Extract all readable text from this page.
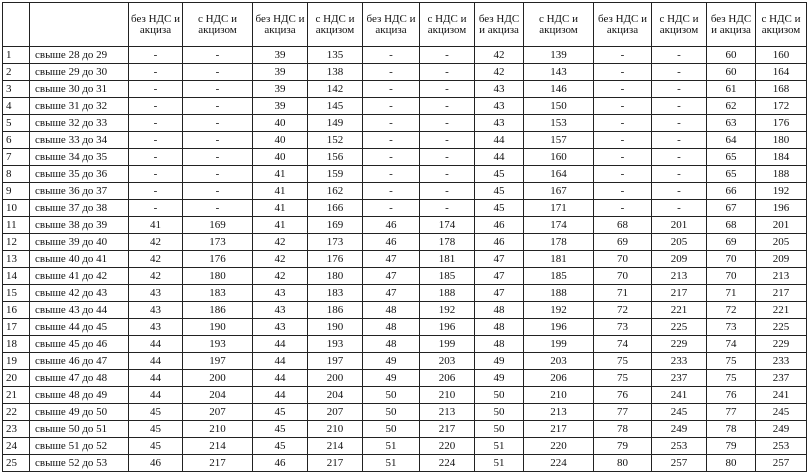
		без НДС и акциза	с НДС и акцизом	без НДС и акциза	с НДС и акцизом	без НДС и акциза	с НДС и акцизом	без НДС и акциза	с НДС и акцизом	без НДС и акциза	с НДС и акцизом	без НДС и акциза	с НДС и акцизом
1	свыше 28 до 29	-	-	39	135	-	-	42	139	-	-	60	160
2	свыше 29 до 30	-	-	39	138	-	-	42	143	-	-	60	164
3	свыше 30 до 31	-	-	39	142	-	-	43	146	-	-	61	168
4	свыше 31 до 32	-	-	39	145	-	-	43	150	-	-	62	172
5	свыше 32 до 33	-	-	40	149	-	-	43	153	-	-	63	176
6	свыше 33 до 34	-	-	40	152	-	-	44	157	-	-	64	180
7	свыше 34 до 35	-	-	40	156	-	-	44	160	-	-	65	184
8	свыше 35 до 36	-	-	41	159	-	-	45	164	-	-	65	188
9	свыше 36 до 37	-	-	41	162	-	-	45	167	-	-	66	192
10	свыше 37 до 38	-	-	41	166	-	-	45	171	-	-	67	196
11	свыше 38 до 39	41	169	41	169	46	174	46	174	68	201	68	201
12	свыше 39 до 40	42	173	42	173	46	178	46	178	69	205	69	205
13	свыше 40 до 41	42	176	42	176	47	181	47	181	70	209	70	209
14	свыше 41 до 42	42	180	42	180	47	185	47	185	70	213	70	213
15	свыше 42 до 43	43	183	43	183	47	188	47	188	71	217	71	217
16	свыше 43 до 44	43	186	43	186	48	192	48	192	72	221	72	221
17	свыше 44 до 45	43	190	43	190	48	196	48	196	73	225	73	225
18	свыше 45 до 46	44	193	44	193	48	199	48	199	74	229	74	229
19	свыше 46 до 47	44	197	44	197	49	203	49	203	75	233	75	233
20	свыше 47 до 48	44	200	44	200	49	206	49	206	75	237	75	237
21	свыше 48 до 49	44	204	44	204	50	210	50	210	76	241	76	241
22	свыше 49 до 50	45	207	45	207	50	213	50	213	77	245	77	245
23	свыше 50 до 51	45	210	45	210	50	217	50	217	78	249	78	249
24	свыше 51 до 52	45	214	45	214	51	220	51	220	79	253	79	253
25	свыше 52 до 53	46	217	46	217	51	224	51	224	80	257	80	257
